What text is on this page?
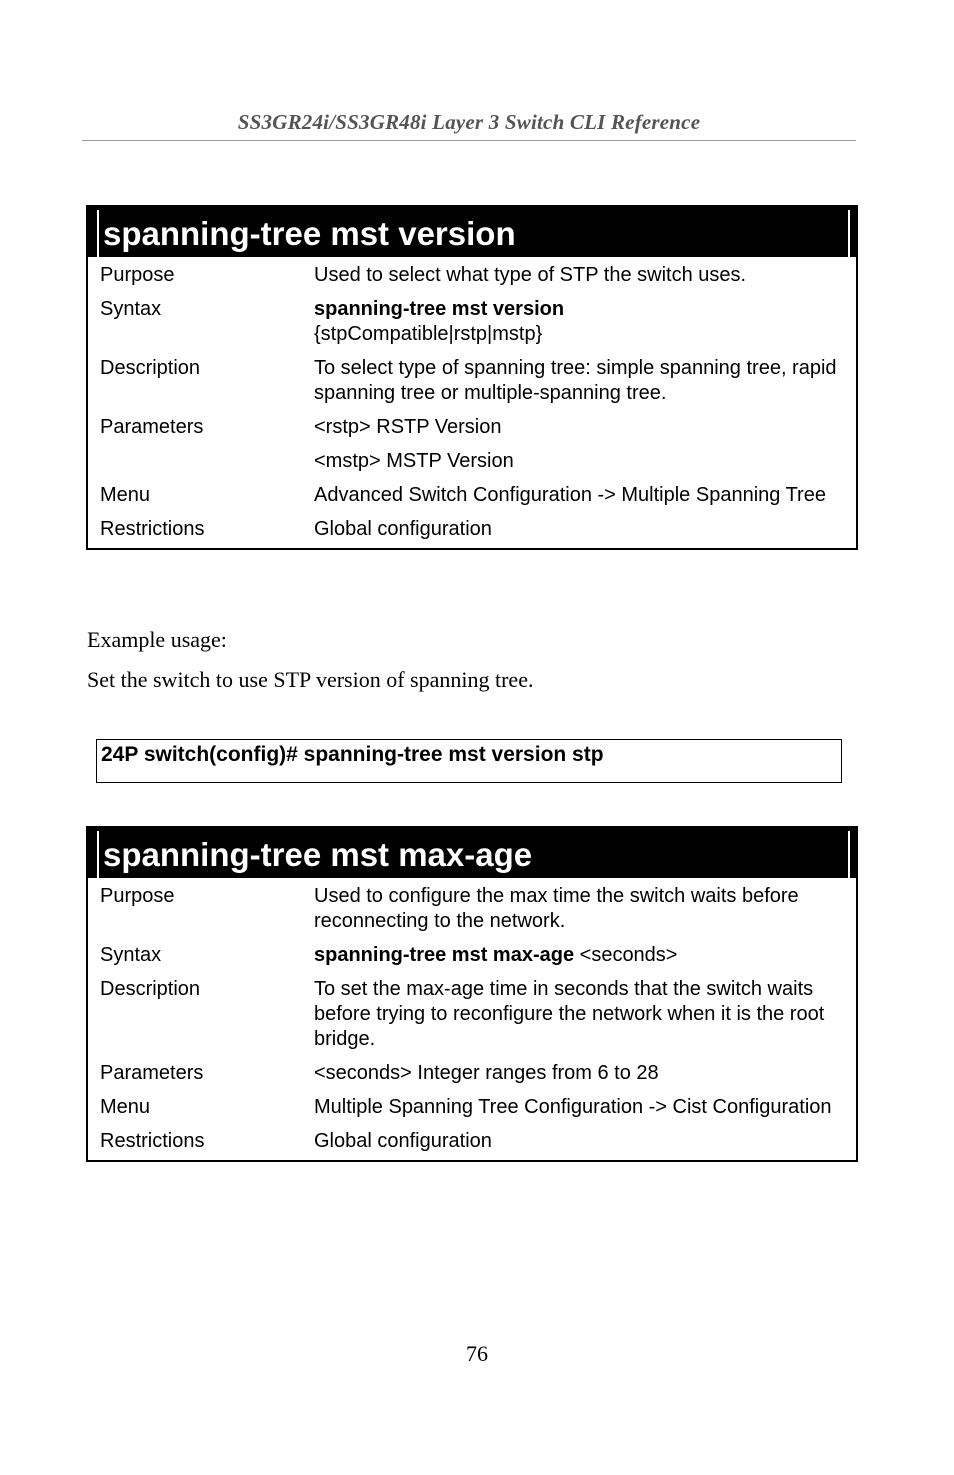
SS3GR24i/SS3GR48i Layer 3 Switch CLI Reference
spanning-tree mst version
Purpose	Used to select what type of STP the switch uses.
Syntax	spanning-tree mst version
{stpCompatible|rstp|mstp}
Description	To select type of spanning tree: simple spanning tree, rapid spanning tree or multiple-spanning tree.
Parameters	<rstp> RSTP Version
<mstp> MSTP Version
Menu	Advanced Switch Configuration -> Multiple Spanning Tree
Restrictions	Global configuration
Example usage:
Set the switch to use STP version of spanning tree.
24P switch(config)# spanning-tree mst version stp
spanning-tree mst max-age
Purpose	Used to configure the max time the switch waits before reconnecting to the network.
Syntax	spanning-tree mst max-age <seconds>
Description	To set the max-age time in seconds that the switch waits before trying to reconfigure the network when it is the root bridge.
Parameters	<seconds> Integer ranges from 6 to 28
Menu	Multiple Spanning Tree Configuration -> Cist Configuration
Restrictions	Global configuration
76
